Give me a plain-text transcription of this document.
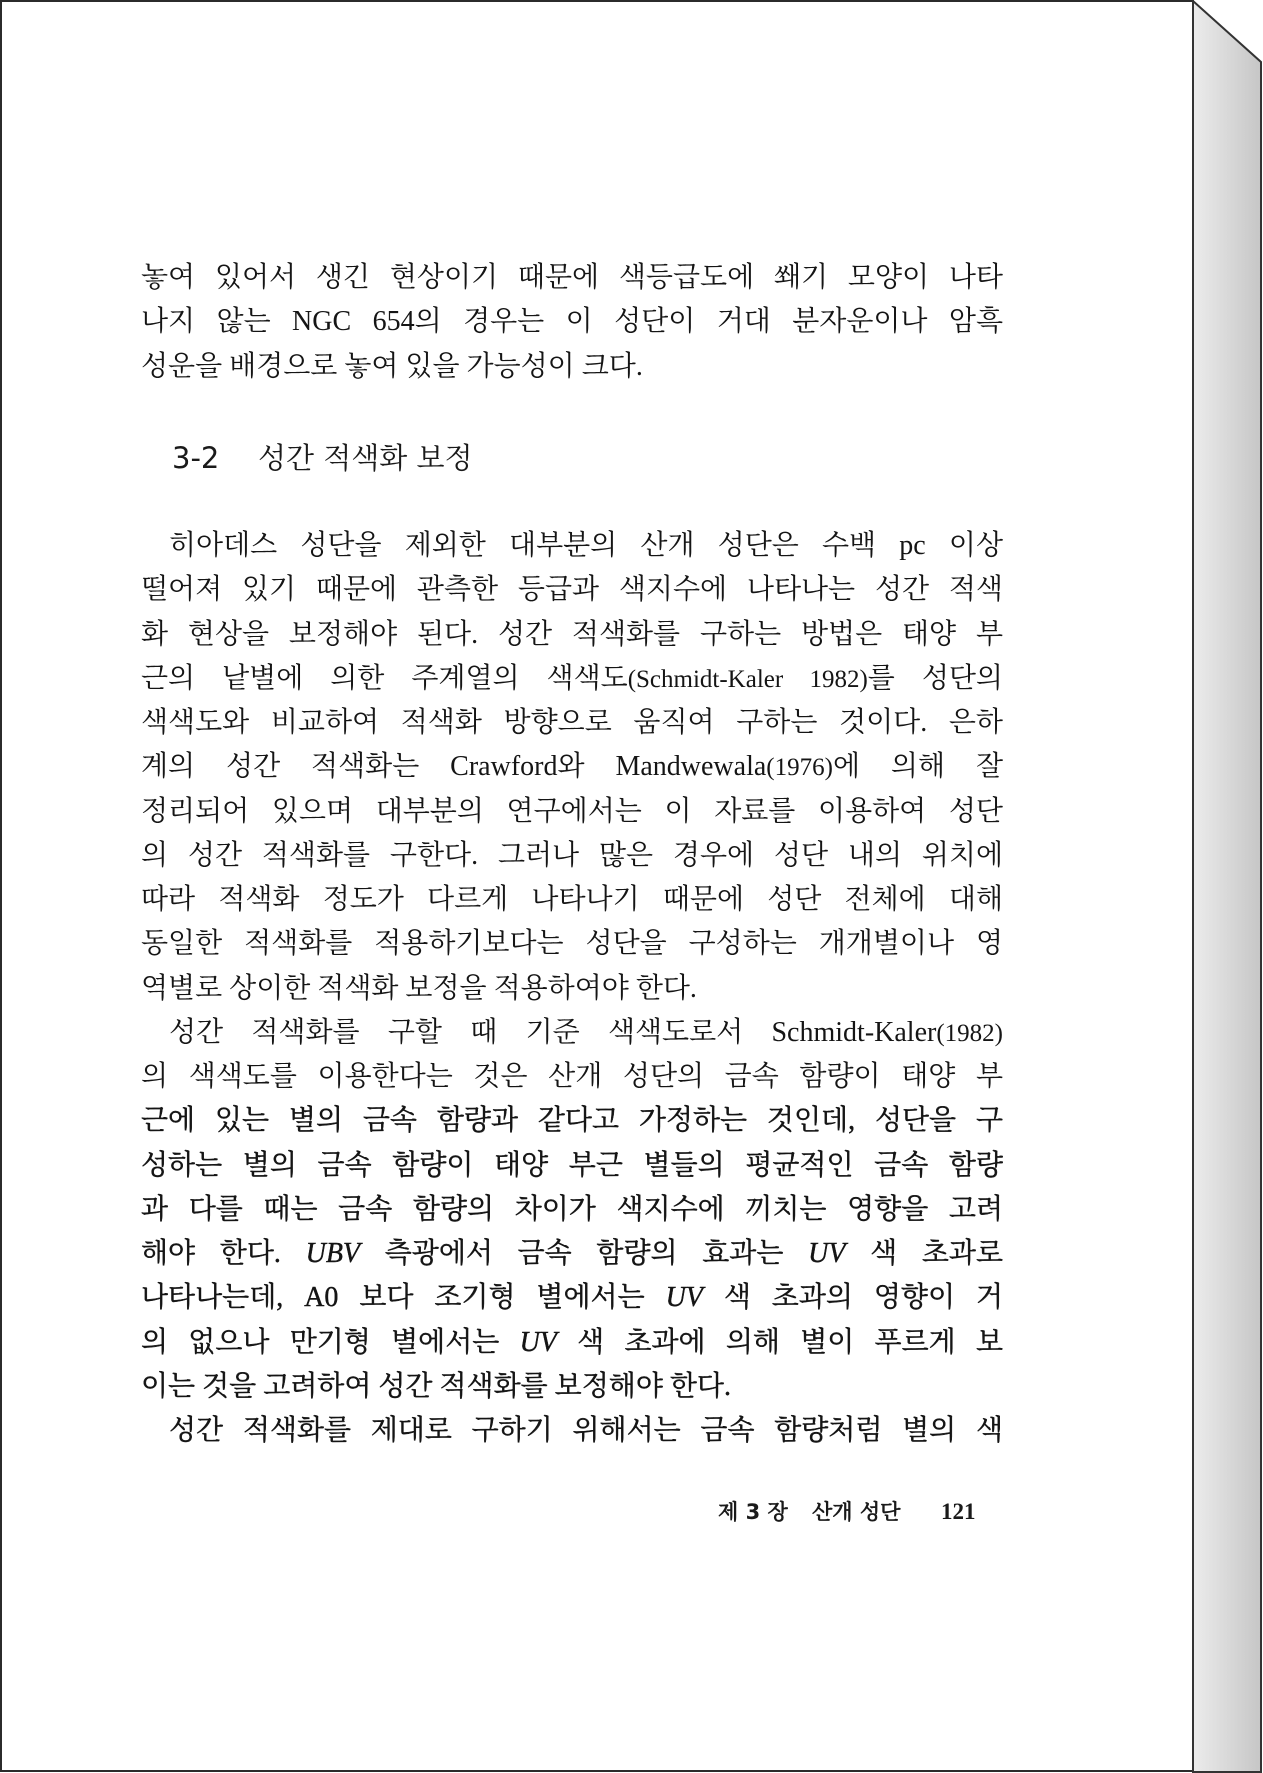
놓여 있어서 생긴 현상이기 때문에 색등급도에 쐐기 모양이 나타
나지 않는 NGC 654의 경우는 이 성단이 거대 분자운이나 암흑
성운을 배경으로 놓여 있을 가능성이 크다.
3-2 성간 적색화 보정
히아데스 성단을 제외한 대부분의 산개 성단은 수백 pc 이상
떨어져 있기 때문에 관측한 등급과 색지수에 나타나는 성간 적색
화 현상을 보정해야 된다. 성간 적색화를 구하는 방법은 태양 부
근의 낱별에 의한 주계열의 색색도(Schmidt-Kaler 1982)를 성단의
색색도와 비교하여 적색화 방향으로 움직여 구하는 것이다. 은하
계의 성간 적색화는 Crawford와 Mandwewala(1976)에 의해 잘
정리되어 있으며 대부분의 연구에서는 이 자료를 이용하여 성단
의 성간 적색화를 구한다. 그러나 많은 경우에 성단 내의 위치에
따라 적색화 정도가 다르게 나타나기 때문에 성단 전체에 대해
동일한 적색화를 적용하기보다는 성단을 구성하는 개개별이나 영
역별로 상이한 적색화 보정을 적용하여야 한다.
성간 적색화를 구할 때 기준 색색도로서 Schmidt-Kaler(1982)
의 색색도를 이용한다는 것은 산개 성단의 금속 함량이 태양 부
근에 있는 별의 금속 함량과 같다고 가정하는 것인데, 성단을 구
성하는 별의 금속 함량이 태양 부근 별들의 평균적인 금속 함량
과 다를 때는 금속 함량의 차이가 색지수에 끼치는 영향을 고려
해야 한다. UBV 측광에서 금속 함량의 효과는 UV 색 초과로
나타나는데, A0 보다 조기형 별에서는 UV 색 초과의 영향이 거
의 없으나 만기형 별에서는 UV 색 초과에 의해 별이 푸르게 보
이는 것을 고려하여 성간 적색화를 보정해야 한다.
성간 적색화를 제대로 구하기 위해서는 금속 함량처럼 별의 색
제 3 장 산개 성단 121
